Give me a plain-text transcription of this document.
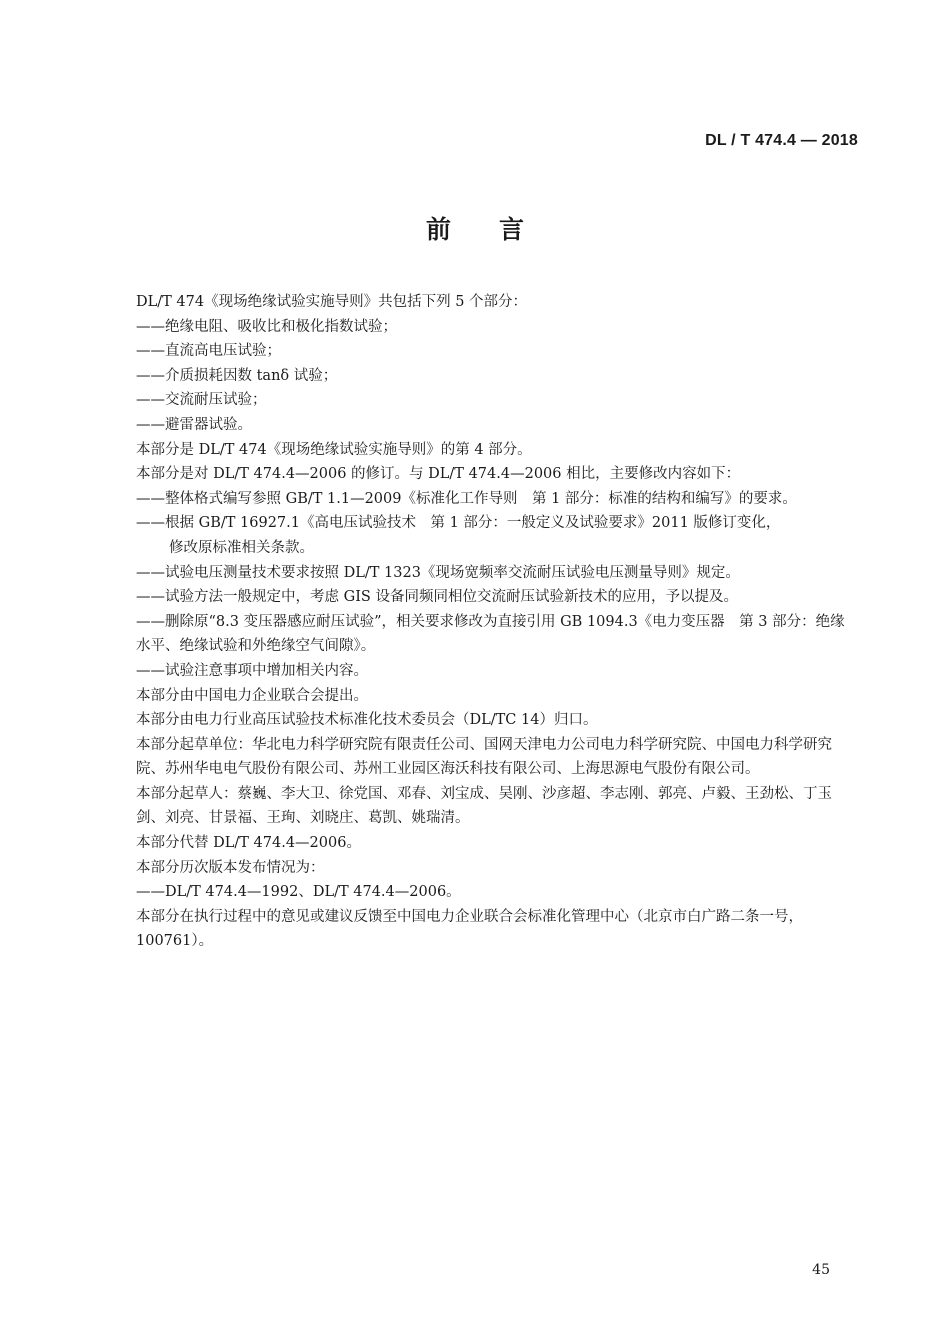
DL / T 474.4 — 2018
前言

DL/T 474《现场绝缘试验实施导则》共包括下列 5 个部分：

——绝缘电阻、吸收比和极化指数试验；

——直流高电压试验；

——介质损耗因数 tanδ 试验；

——交流耐压试验；

——避雷器试验。

本部分是 DL/T 474《现场绝缘试验实施导则》的第 4 部分。

本部分是对 DL/T 474.4—2006 的修订。与 DL/T 474.4—2006 相比，主要修改内容如下：

——整体格式编写参照 GB/T 1.1—2009《标准化工作导则　第 1 部分：标准的结构和编写》的要求。

——根据 GB/T 16927.1《高电压试验技术　第 1 部分：一般定义及试验要求》2011 版修订变化，
修改原标准相关条款。

——试验电压测量技术要求按照 DL/T 1323《现场宽频率交流耐压试验电压测量导则》规定。

——试验方法一般规定中，考虑 GIS 设备同频同相位交流耐压试验新技术的应用，予以提及。

——删除原“8.3 变压器感应耐压试验”，相关要求修改为直接引用 GB 1094.3《电力变压器　第 3 部分：绝缘水平、绝缘试验和外绝缘空气间隙》。

——试验注意事项中增加相关内容。

本部分由中国电力企业联合会提出。

本部分由电力行业高压试验技术标准化技术委员会（DL/TC 14）归口。

本部分起草单位：华北电力科学研究院有限责任公司、国网天津电力公司电力科学研究院、中国电力科学研究院、苏州华电电气股份有限公司、苏州工业园区海沃科技有限公司、上海思源电气股份有限公司。

本部分起草人：蔡巍、李大卫、徐党国、邓春、刘宝成、吴刚、沙彦超、李志刚、郭亮、卢毅、王劲松、丁玉剑、刘亮、甘景福、王珣、刘晓庄、葛凯、姚瑞清。

本部分代替 DL/T 474.4—2006。

本部分历次版本发布情况为：

——DL/T 474.4—1992、DL/T 474.4—2006。

本部分在执行过程中的意见或建议反馈至中国电力企业联合会标准化管理中心（北京市白广路二条一号，100761）。

45
